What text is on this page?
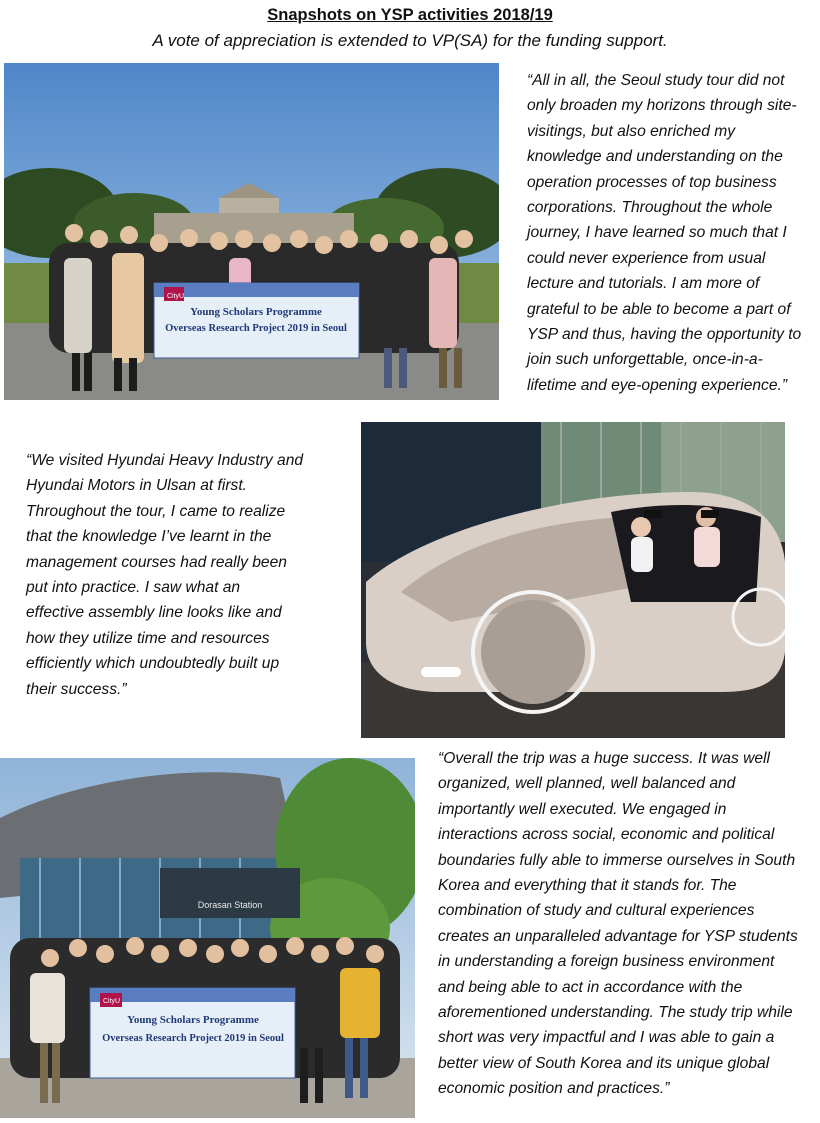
Snapshots on YSP activities 2018/19
A vote of appreciation is extended to VP(SA) for the funding support.
CityU
Young Scholars Programme
Overseas Research Project 2019 in Seoul
“All in all, the Seoul study tour did not
only broaden my horizons through site-
visitings, but also enriched my
knowledge and understanding on the
operation processes of top business
corporations. Throughout the whole
journey, I have learned so much that I
could never experience from usual
lecture and tutorials. I am more of
grateful to be able to become a part of
YSP and thus, having the opportunity to
join such unforgettable, once-in-a-
lifetime and eye-opening experience.”
“We visited Hyundai Heavy Industry and
Hyundai Motors in Ulsan at first.
Throughout the tour, I came to realize
that the knowledge I’ve learnt in the
management courses had really been
put into practice. I saw what an
effective assembly line looks like and
how they utilize time and resources
efficiently which undoubtedly built up
their success.”
Dorasan Station
CityU
Young Scholars Programme
Overseas Research Project 2019 in Seoul
“Overall the trip was a huge success. It was well
organized, well planned, well balanced and
importantly well executed. We engaged in
interactions across social, economic and political
boundaries fully able to immerse ourselves in South
Korea and everything that it stands for. The
combination of study and cultural experiences
creates an unparalleled advantage for YSP students
in understanding a foreign business environment
and being able to act in accordance with the
aforementioned understanding. The study trip while
short was very impactful and I was able to gain a
better view of South Korea and its unique global
economic position and practices.”
